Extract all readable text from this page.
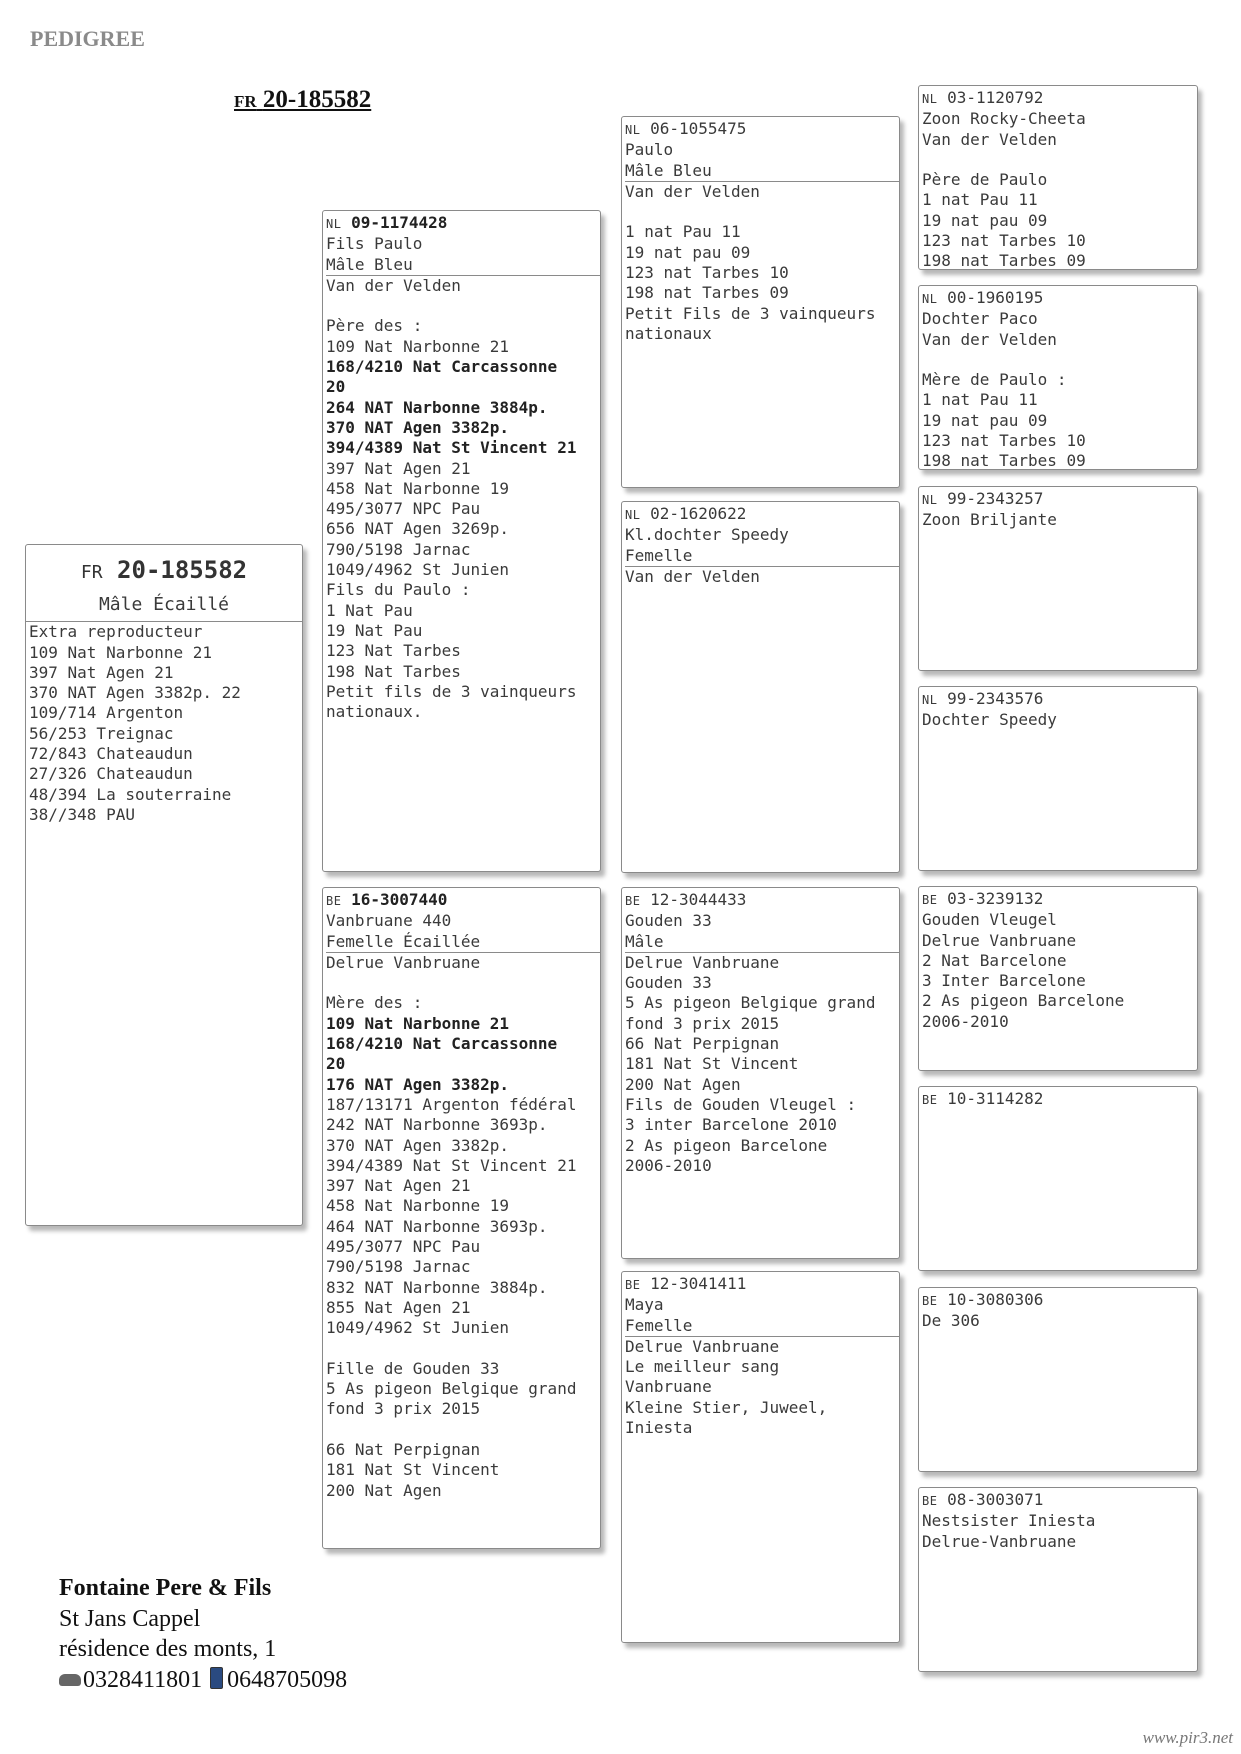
PEDIGREE
FR 20-185582
FR 20-185582
Mâle Écaillé
Extra reproducteur
109 Nat Narbonne 21
397 Nat Agen 21
370 NAT Agen 3382p. 22
109/714 Argenton
56/253 Treignac
72/843 Chateaudun
27/326 Chateaudun
48/394 La souterraine
38//348 PAU
NL 09-1174428
Fils Paulo
Mâle Bleu
Van der Velden
Père des :
109 Nat Narbonne 21
168/4210 Nat Carcassonne
20
264 NAT Narbonne 3884p.
370 NAT Agen 3382p.
394/4389 Nat St Vincent 21
397 Nat Agen 21
458 Nat Narbonne 19
495/3077 NPC Pau
656 NAT Agen 3269p.
790/5198 Jarnac
1049/4962 St Junien
Fils du Paulo :
1 Nat Pau
19 Nat Pau
123 Nat Tarbes
198 Nat Tarbes
Petit fils de 3 vainqueurs
nationaux.
BE 16-3007440
Vanbruane 440
Femelle Écaillée
Delrue Vanbruane
Mère des :
109 Nat Narbonne 21
168/4210 Nat Carcassonne
20
176 NAT Agen 3382p.
187/13171 Argenton fédéral
242 NAT Narbonne 3693p.
370 NAT Agen 3382p.
394/4389 Nat St Vincent 21
397 Nat Agen 21
458 Nat Narbonne 19
464 NAT Narbonne 3693p.
495/3077 NPC Pau
790/5198 Jarnac
832 NAT Narbonne 3884p.
855 Nat Agen 21
1049/4962 St Junien
Fille de Gouden 33
5 As pigeon Belgique grand
fond 3 prix 2015
66 Nat Perpignan
181 Nat St Vincent
200 Nat Agen
NL 06-1055475
Paulo
Mâle Bleu
Van der Velden
1 nat Pau 11
19 nat pau 09
123 nat Tarbes 10
198 nat Tarbes 09
Petit Fils de 3 vainqueurs
nationaux
NL 02-1620622
Kl.dochter Speedy
Femelle
Van der Velden
BE 12-3044433
Gouden 33
Mâle
Delrue Vanbruane
Gouden 33
5 As pigeon Belgique grand
fond 3 prix 2015
66 Nat Perpignan
181 Nat St Vincent
200 Nat Agen
Fils de Gouden Vleugel :
3 inter Barcelone 2010
2 As pigeon Barcelone
2006-2010
BE 12-3041411
Maya
Femelle
Delrue Vanbruane
Le meilleur sang
Vanbruane
Kleine Stier, Juweel,
Iniesta
NL 03-1120792
Zoon Rocky-Cheeta
Van der Velden
Père de Paulo
1 nat Pau 11
19 nat pau 09
123 nat Tarbes 10
198 nat Tarbes 09
NL 00-1960195
Dochter Paco
Van der Velden
Mère de Paulo :
1 nat Pau 11
19 nat pau 09
123 nat Tarbes 10
198 nat Tarbes 09
NL 99-2343257
Zoon Briljante
NL 99-2343576
Dochter Speedy
BE 03-3239132
Gouden Vleugel
Delrue Vanbruane
2 Nat Barcelone
3 Inter Barcelone
2 As pigeon Barcelone
2006-2010
BE 10-3114282
BE 10-3080306
De 306
BE 08-3003071
Nestsister Iniesta
Delrue-Vanbruane
Fontaine Pere & Fils
St Jans Cappel
résidence des monts, 1
0328411801 0648705098
www.pir3.net
